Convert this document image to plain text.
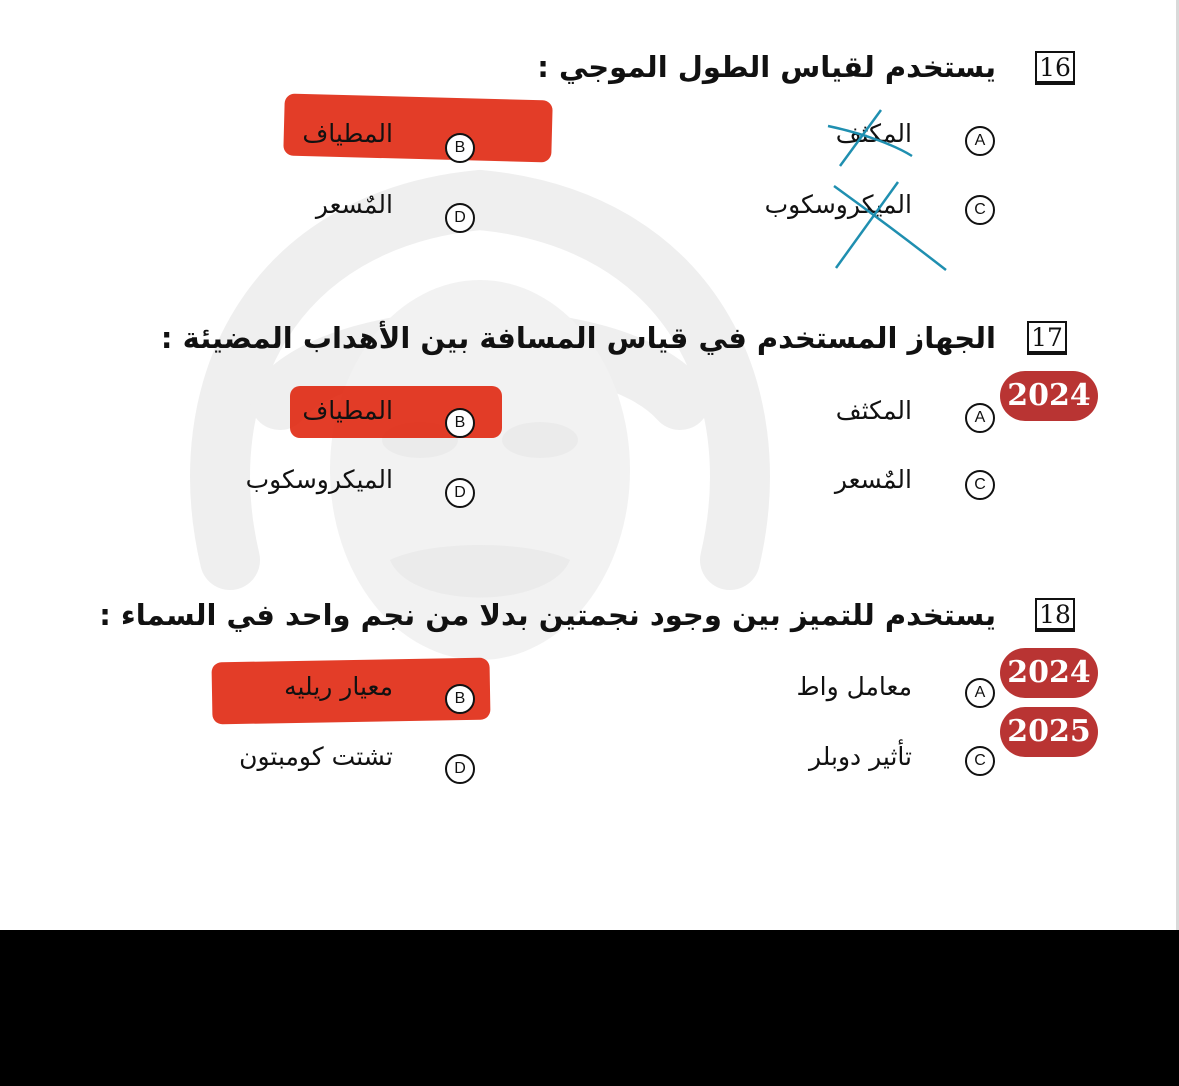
16
يستخدم لقياس الطول الموجي :
A
المكثف
B
المطياف
C
الميكروسكوب
D
المٌسعر
17
الجهاز المستخدم في قياس المسافة بين الأهداب المضيئة :
2024
A
المكثف
B
المطياف
C
المٌسعر
D
الميكروسكوب
18
يستخدم للتميز بين وجود نجمتين بدلا من نجم واحد في السماء :
2024
2025
A
معامل واط
B
معيار ريليه
C
تأثير دوبلر
D
تشتت كومبتون
